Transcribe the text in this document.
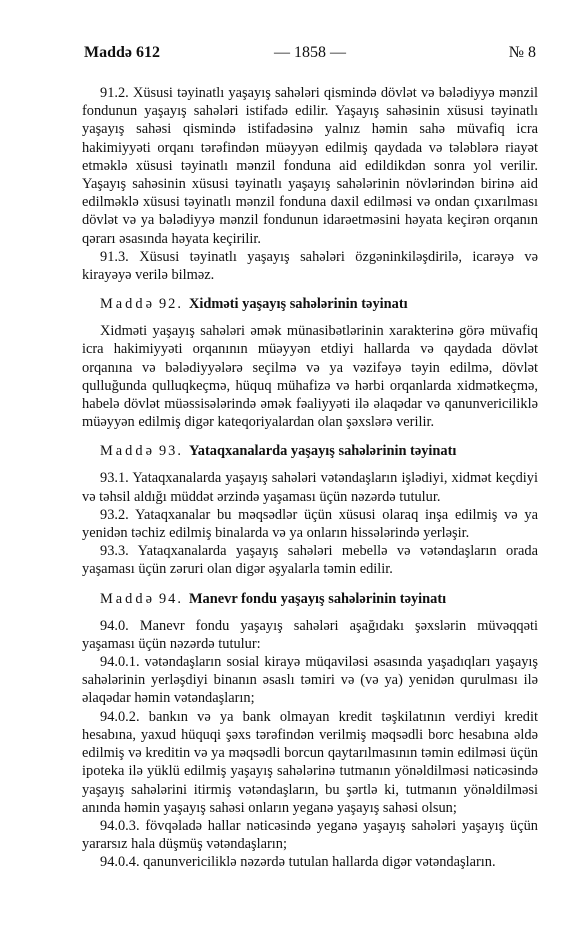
Maddə 612	— 1858 —	№ 8

91.2. Xüsusi təyinatlı yaşayış sahələri qismində dövlət və bələdiyyə mənzil fondunun yaşayış sahələri istifadə edilir. Yaşayış sahəsinin xüsusi təyinatlı yaşayış sahəsi qismində istifadəsinə yalnız həmin sahə müvafiq icra hakimiyyəti orqanı tərəfindən müəyyən edilmiş qaydada və tələblərə riayət etməklə xüsusi təyinatlı mənzil fonduna aid edildikdən sonra yol verilir. Yaşayış sahəsinin xüsusi təyinatlı yaşayış sahələrinin növlərindən birinə aid edilməklə xüsusi təyinatlı mənzil fonduna daxil edilməsi və ondan çıxarılması dövlət və ya bələdiyyə mənzil fondunun idarəetməsini həyata keçirən orqanın qərarı əsasında həyata keçirilir.

91.3. Xüsusi təyinatlı yaşayış sahələri özgəninkiləşdirilə, icarəyə və kirayəyə verilə bilməz.

Maddə 92. Xidməti yaşayış sahələrinin təyinatı

Xidməti yaşayış sahələri əmək münasibətlərinin xarakterinə görə müvafiq icra hakimiyyəti orqanının müəyyən etdiyi hallarda və qaydada dövlət orqanına və bələdiyyələrə seçilmə və ya vəzifəyə təyin edilmə, dövlət qulluğunda qulluqkeçmə, hüquq mühafizə və hərbi orqanlarda xidmətkeçmə, habelə dövlət müəssisələrində əmək fəaliyyəti ilə əlaqədar və qanunvericiliklə müəyyən edilmiş digər kateqoriyalardan olan şəxslərə verilir.

Maddə 93. Yataqxanalarda yaşayış sahələrinin təyinatı

93.1. Yataqxanalarda yaşayış sahələri vətəndaşların işlədiyi, xidmət keçdiyi və təhsil aldığı müddət ərzində yaşaması üçün nəzərdə tutulur.

93.2. Yataqxanalar bu məqsədlər üçün xüsusi olaraq inşa edilmiş və ya yenidən təchiz edilmiş binalarda və ya onların hissələrində yerləşir.

93.3. Yataqxanalarda yaşayış sahələri mebellə və vətəndaşların orada yaşaması üçün zəruri olan digər əşyalarla təmin edilir.

Maddə 94. Manevr fondu yaşayış sahələrinin təyinatı

94.0. Manevr fondu yaşayış sahələri aşağıdakı şəxslərin müvəqqəti yaşaması üçün nəzərdə tutulur:

94.0.1. vətəndaşların sosial kirayə müqaviləsi əsasında yaşadıqları yaşayış sahələrinin yerləşdiyi binanın əsaslı təmiri və (və ya) yenidən qurulması ilə əlaqədar həmin vətəndaşların;

94.0.2. bankın və ya bank olmayan kredit təşkilatının verdiyi kredit hesabına, yaxud hüquqi şəxs tərəfindən verilmiş məqsədli borc hesabına əldə edilmiş və kreditin və ya məqsədli borcun qaytarılmasının təmin edilməsi üçün ipoteka ilə yüklü edilmiş yaşayış sahələrinə tutmanın yönəldilməsi nəticəsində yaşayış sahələrini itirmiş vətəndaşların, bu şərtlə ki, tutmanın yönəldilməsi anında həmin yaşayış sahəsi onların yeganə yaşayış sahəsi olsun;

94.0.3. fövqəladə hallar nəticəsində yeganə yaşayış sahələri yaşayış üçün yararsız hala düşmüş vətəndaşların;

94.0.4. qanunvericiliklə nəzərdə tutulan hallarda digər vətəndaşların.
